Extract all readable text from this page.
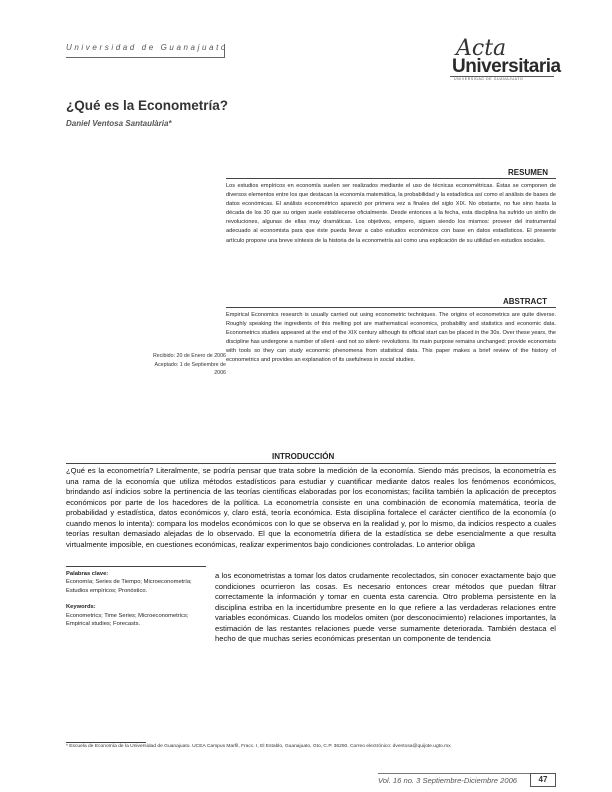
Universidad de Guanajuato	Acta
Universitaria
UNIVERSIDAD DE GUANAJUATO
¿Qué es la Econometría?
Daniel Ventosa Santaulària*
RESUMEN
Los estudios empíricos en economía suelen ser realizados mediante el uso de técnicas econométricas. Éstas se componen de diversos elementos entre los que destacan la economía matemática, la probabilidad y la estadística así como el análisis de bases de datos económicas. El análisis econométrico apareció por primera vez a finales del siglo XIX. No obstante, no fue sino hasta la década de los 30 que su origen suele establecerse oficialmente. Desde entonces a la fecha, esta disciplina ha sufrido un sinfín de revoluciones, algunas de ellas muy dramáticas. Los objetivos, empero, siguen siendo los mismos: proveer del instrumental adecuado al economista para que éste pueda llevar a cabo estudios económicos con base en datos estadísticos. El presente artículo propone una breve síntesis de la historia de la econometría así como una explicación de su utilidad en estudios sociales.
ABSTRACT
Empirical Economics research is usually carried out using econometric techniques. The origins of econometrics are quite diverse. Roughly speaking the ingredients of this melting pot are mathematical economics, probability and statistics and economic data. Econometrics studies appeared at the end of the XIX century although its official start can be placed in the 30s. Over these years, the discipline has undergone a number of silent -and not so silent- revolutions. Its main purpose remains unchanged: provide economists with tools so they can study economic phenomena from statistical data. This paper makes a brief review of the history of econometrics and provides an explanation of its usefulness in social studies.
Recibido: 20 de Enero de 2006
Aceptado: 1 de Septiembre de 2006
INTRODUCCIÓN
¿Qué es la econometría? Literalmente, se podría pensar que trata sobre la medición de la economía. Siendo más precisos, la econometría es una rama de la economía que utiliza métodos estadísticos para estudiar y cuantificar mediante datos reales los fenómenos económicos, brindando así indicios sobre la pertinencia de las teorías científicas elaboradas por los economistas; facilita también la aplicación de preceptos económicos por parte de los hacedores de la política. La econometría consiste en una combinación de economía matemática, teoría de probabilidad y estadística, datos económicos y, claro está, teoría económica. Esta disciplina fortalece el carácter científico de la economía (o cuando menos lo intenta): compara los modelos económicos con lo que se observa en la realidad y, por lo mismo, da indicios respecto a cuales teorías resultan demasiado alejadas de lo observado. El que la econometría difiera de la estadística se debe esencialmente a que resulta virtualmente imposible, en cuestiones económicas, realizar experimentos bajo condiciones controladas. Lo anterior obliga
a los econometristas a tomar los datos crudamente recolectados, sin conocer exactamente bajo que condiciones ocurrieron las cosas. Es necesario entonces crear métodos que puedan filtrar correctamente la información y tomar en cuenta esta carencia. Otro problema persistente en la disciplina estriba en la incertidumbre presente en lo que refiere a las verdaderas relaciones entre variables económicas. Cuando los modelos omiten (por desconocimiento) relaciones importantes, la estimación de las restantes relaciones puede verse sumamente deteriorada. También destaca el hecho de que muchas series económicas presentan un componente de tendencia
Palabras clave:
Economía; Series de Tiempo; Microeconometría; Estudios empíricos; Pronóstico.
Keywords:
Econometrics; Time Series; Microeconometrics; Empirical studies; Forecasts.
* Escuela de Economía de la Universidad de Guanajuato. UCEA Campus Marfil, Fracc. I, El Establo, Guanajuato, Gto, C.P. 36250. Correo electrónico: dventosa@quijote.ugto.mx
Vol. 16 no. 3 Septiembre-Diciembre 2006	47
